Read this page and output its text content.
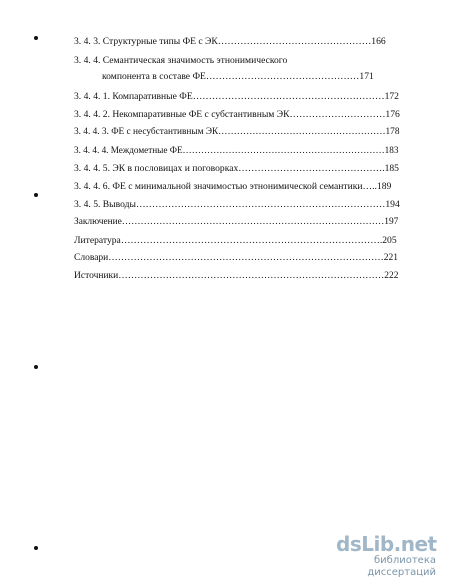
3. 4. 3. Структурные типы ФЕ с ЭК…………………………………………166
3. 4. 4. Семантическая значимость этнонимического
компонента в составе ФЕ…………………………………………171
3. 4. 4. 1. Компаративные ФЕ……………………………………………………172
3. 4. 4. 2. Некомпаративные ФЕ с субстантивным ЭК…………………………176
3. 4. 4. 3. ФЕ с несубстантивным ЭК………………………………………………178
3. 4. 4. 4. Междометные ФЕ…………………………………………………………183
3. 4. 4. 5. ЭК в пословицах и поговорках……………………………………….185
3. 4. 4. 6. ФЕ с минимальной значимостью этнонимической семантики…..189
3. 4. 5. Выводы……………………………………………………………………194
Заключение…………………………………………………………………………197
Литература……………………………………………………………………….205
Словари……………………………………………………………………………221
Источники…………………………………………………………………………222
dsLib.net
библиотека диссертаций
